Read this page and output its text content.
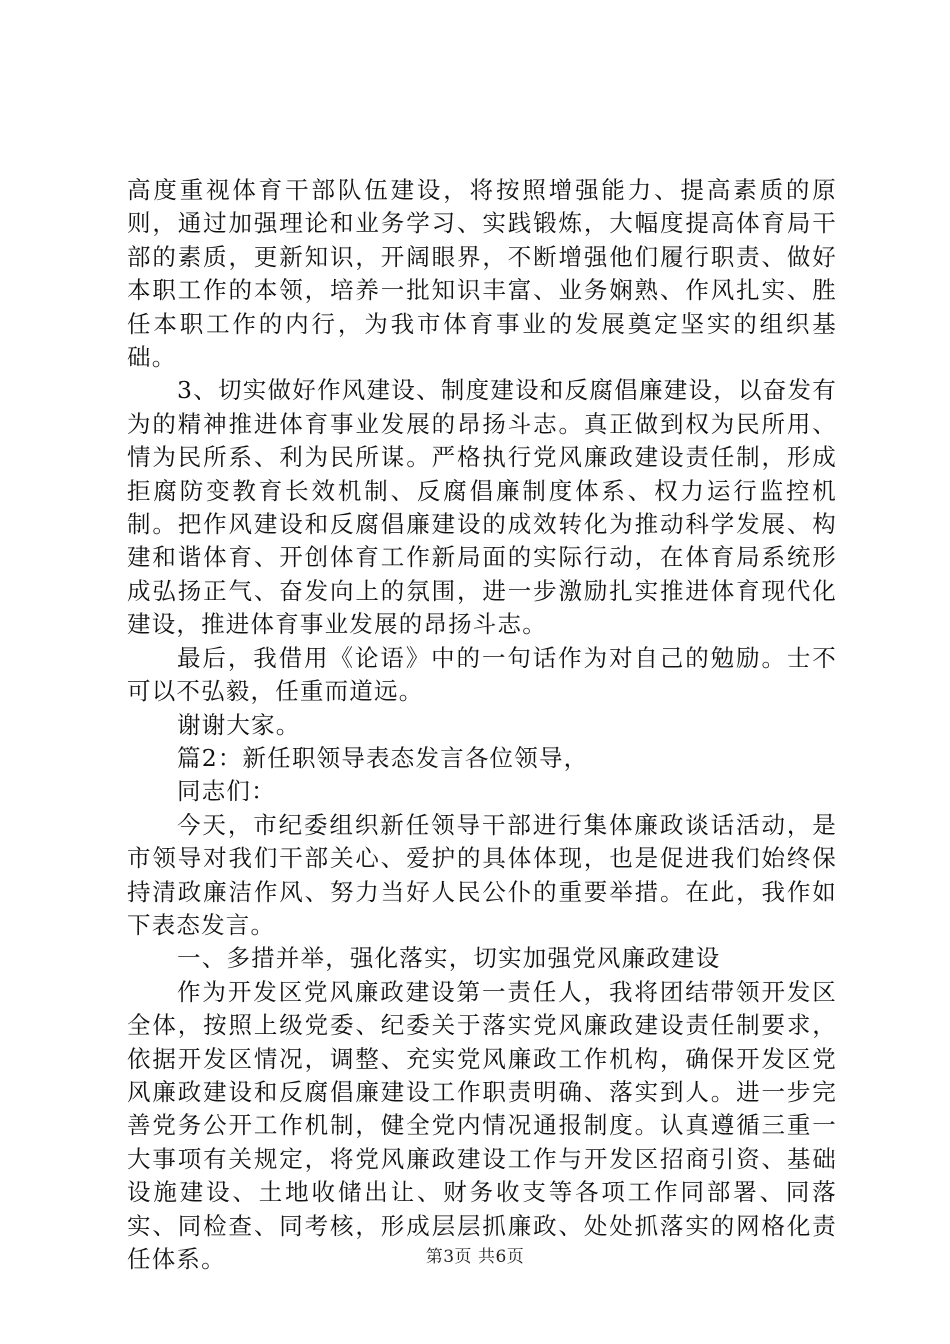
高度重视体育干部队伍建设，将按照增强能力、提高素质的原则，通过加强理论和业务学习、实践锻炼，大幅度提高体育局干部的素质，更新知识，开阔眼界，不断增强他们履行职责、做好本职工作的本领，培养一批知识丰富、业务娴熟、作风扎实、胜任本职工作的内行，为我市体育事业的发展奠定坚实的组织基础。

3、切实做好作风建设、制度建设和反腐倡廉建设，以奋发有为的精神推进体育事业发展的昂扬斗志。真正做到权为民所用、情为民所系、利为民所谋。严格执行党风廉政建设责任制，形成拒腐防变教育长效机制、反腐倡廉制度体系、权力运行监控机制。把作风建设和反腐倡廉建设的成效转化为推动科学发展、构建和谐体育、开创体育工作新局面的实际行动，在体育局系统形成弘扬正气、奋发向上的氛围，进一步激励扎实推进体育现代化建设，推进体育事业发展的昂扬斗志。

最后，我借用《论语》中的一句话作为对自己的勉励。士不可以不弘毅，任重而道远。

谢谢大家。

篇2：新任职领导表态发言各位领导，

同志们：

今天，市纪委组织新任领导干部进行集体廉政谈话活动，是市领导对我们干部关心、爱护的具体体现，也是促进我们始终保持清政廉洁作风、努力当好人民公仆的重要举措。在此，我作如下表态发言。

一、多措并举，强化落实，切实加强党风廉政建设

作为开发区党风廉政建设第一责任人，我将团结带领开发区全体，按照上级党委、纪委关于落实党风廉政建设责任制要求，依据开发区情况，调整、充实党风廉政工作机构，确保开发区党风廉政建设和反腐倡廉建设工作职责明确、落实到人。进一步完善党务公开工作机制，健全党内情况通报制度。认真遵循三重一大事项有关规定，将党风廉政建设工作与开发区招商引资、基础设施建设、土地收储出让、财务收支等各项工作同部署、同落实、同检查、同考核，形成层层抓廉政、处处抓落实的网格化责任体系。	第3页 共6页
